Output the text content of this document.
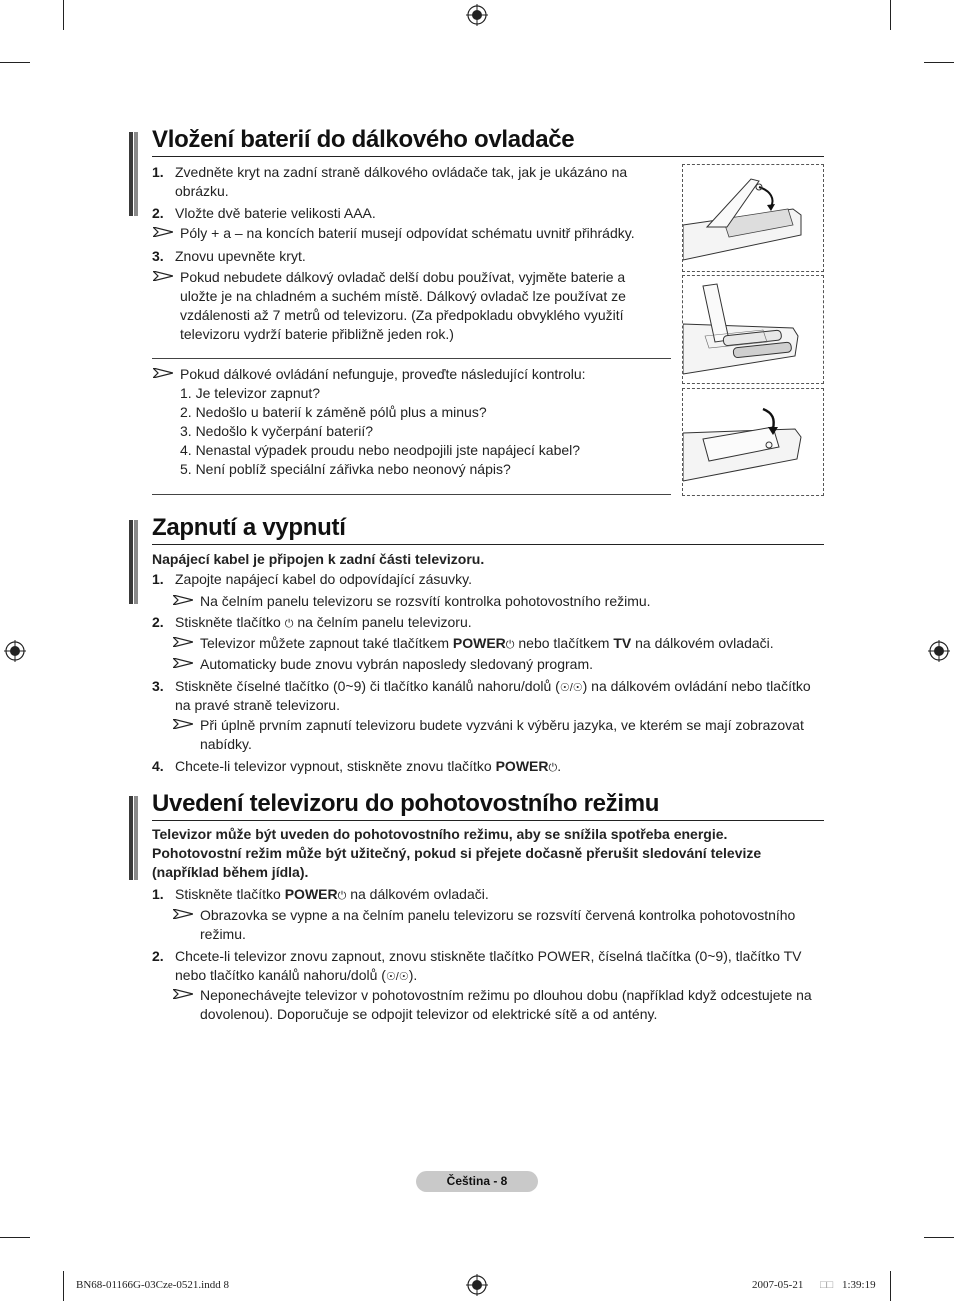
Vložení baterií do dálkového ovladače
1. Zvedněte kryt na zadní straně dálkového ovládače tak, jak je ukázáno na
obrázku.
2. Vložte dvě baterie velikosti AAA.
Póly + a – na koncích baterií musejí odpovídat schématu uvnitř přihrádky.
3. Znovu upevněte kryt.
Pokud nebudete dálkový ovladač delší dobu používat, vyjměte baterie a
uložte je na chladném a suchém místě. Dálkový ovladač lze používat ze
vzdálenosti až 7 metrů od televizoru. (Za předpokladu obvyklého využití
televizoru vydrží baterie přibližně jeden rok.)
Pokud dálkové ovládání nefunguje, proveďte následující kontrolu:
1. Je televizor zapnut?
2. Nedošlo u baterií k záměně pólů plus a minus?
3. Nedošlo k vyčerpání baterií?
4. Nenastal výpadek proudu nebo neodpojili jste napájecí kabel?
5. Není poblíž speciální zářivka nebo neonový nápis?
Zapnutí a vypnutí
Napájecí kabel je připojen k zadní části televizoru.
1. Zapojte napájecí kabel do odpovídající zásuvky.
Na čelním panelu televizoru se rozsvítí kontrolka pohotovostního režimu.
2. Stiskněte tlačítko ⏻ na čelním panelu televizoru.
Televizor můžete zapnout také tlačítkem POWER⏻ nebo tlačítkem TV na dálkovém ovladači.
Automaticky bude znovu vybrán naposledy sledovaný program.
3. Stiskněte číselné tlačítko (0~9) či tlačítko kanálů nahoru/dolů (☉/☉) na dálkovém ovládání nebo tlačítko
na pravé straně televizoru.
Při úplně prvním zapnutí televizoru budete vyzváni k výběru jazyka, ve kterém se mají zobrazovat
nabídky.
4. Chcete-li televizor vypnout, stiskněte znovu tlačítko POWER⏻.
Uvedení televizoru do pohotovostního režimu
Televizor může být uveden do pohotovostního režimu, aby se snížila spotřeba energie.
Pohotovostní režim může být užitečný, pokud si přejete dočasně přerušit sledování televize
(například během jídla).
1. Stiskněte tlačítko POWER⏻ na dálkovém ovladači.
Obrazovka se vypne a na čelním panelu televizoru se rozsvítí červená kontrolka pohotovostního
režimu.
2. Chcete-li televizor znovu zapnout, znovu stiskněte tlačítko POWER, číselná tlačítka (0~9), tlačítko TV
nebo tlačítko kanálů nahoru/dolů (☉/☉).
Neponechávejte televizor v pohotovostním režimu po dlouhou dobu (například když odcestujete na
dovolenou). Doporučuje se odpojit televizor od elektrické sítě a od antény.
Čeština - 8
BN68-01166G-03Cze-0521.indd 8	2007-05-21 □□ 1:39:19
